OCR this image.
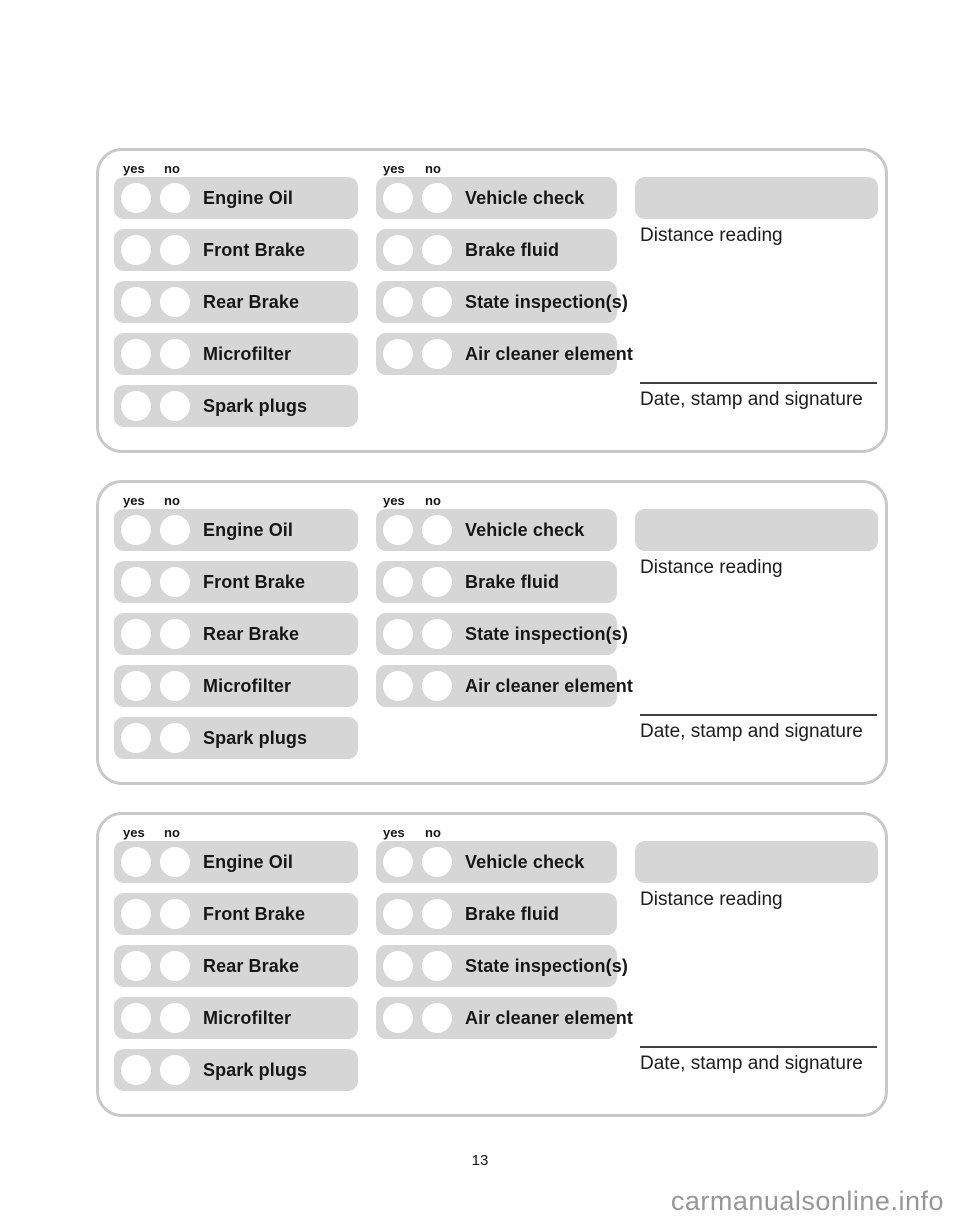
yes no	yes no
Engine Oil
Front Brake
Rear Brake
Microfilter
Spark plugs
Vehicle check
Brake fluid
State inspection(s)
Air cleaner element
Distance reading
Date, stamp and signature
yes no	yes no
Engine Oil
Front Brake
Rear Brake
Microfilter
Spark plugs
Vehicle check
Brake fluid
State inspection(s)
Air cleaner element
Distance reading
Date, stamp and signature
yes no	yes no
Engine Oil
Front Brake
Rear Brake
Microfilter
Spark plugs
Vehicle check
Brake fluid
State inspection(s)
Air cleaner element
Distance reading
Date, stamp and signature
13
carmanualsonline.info
